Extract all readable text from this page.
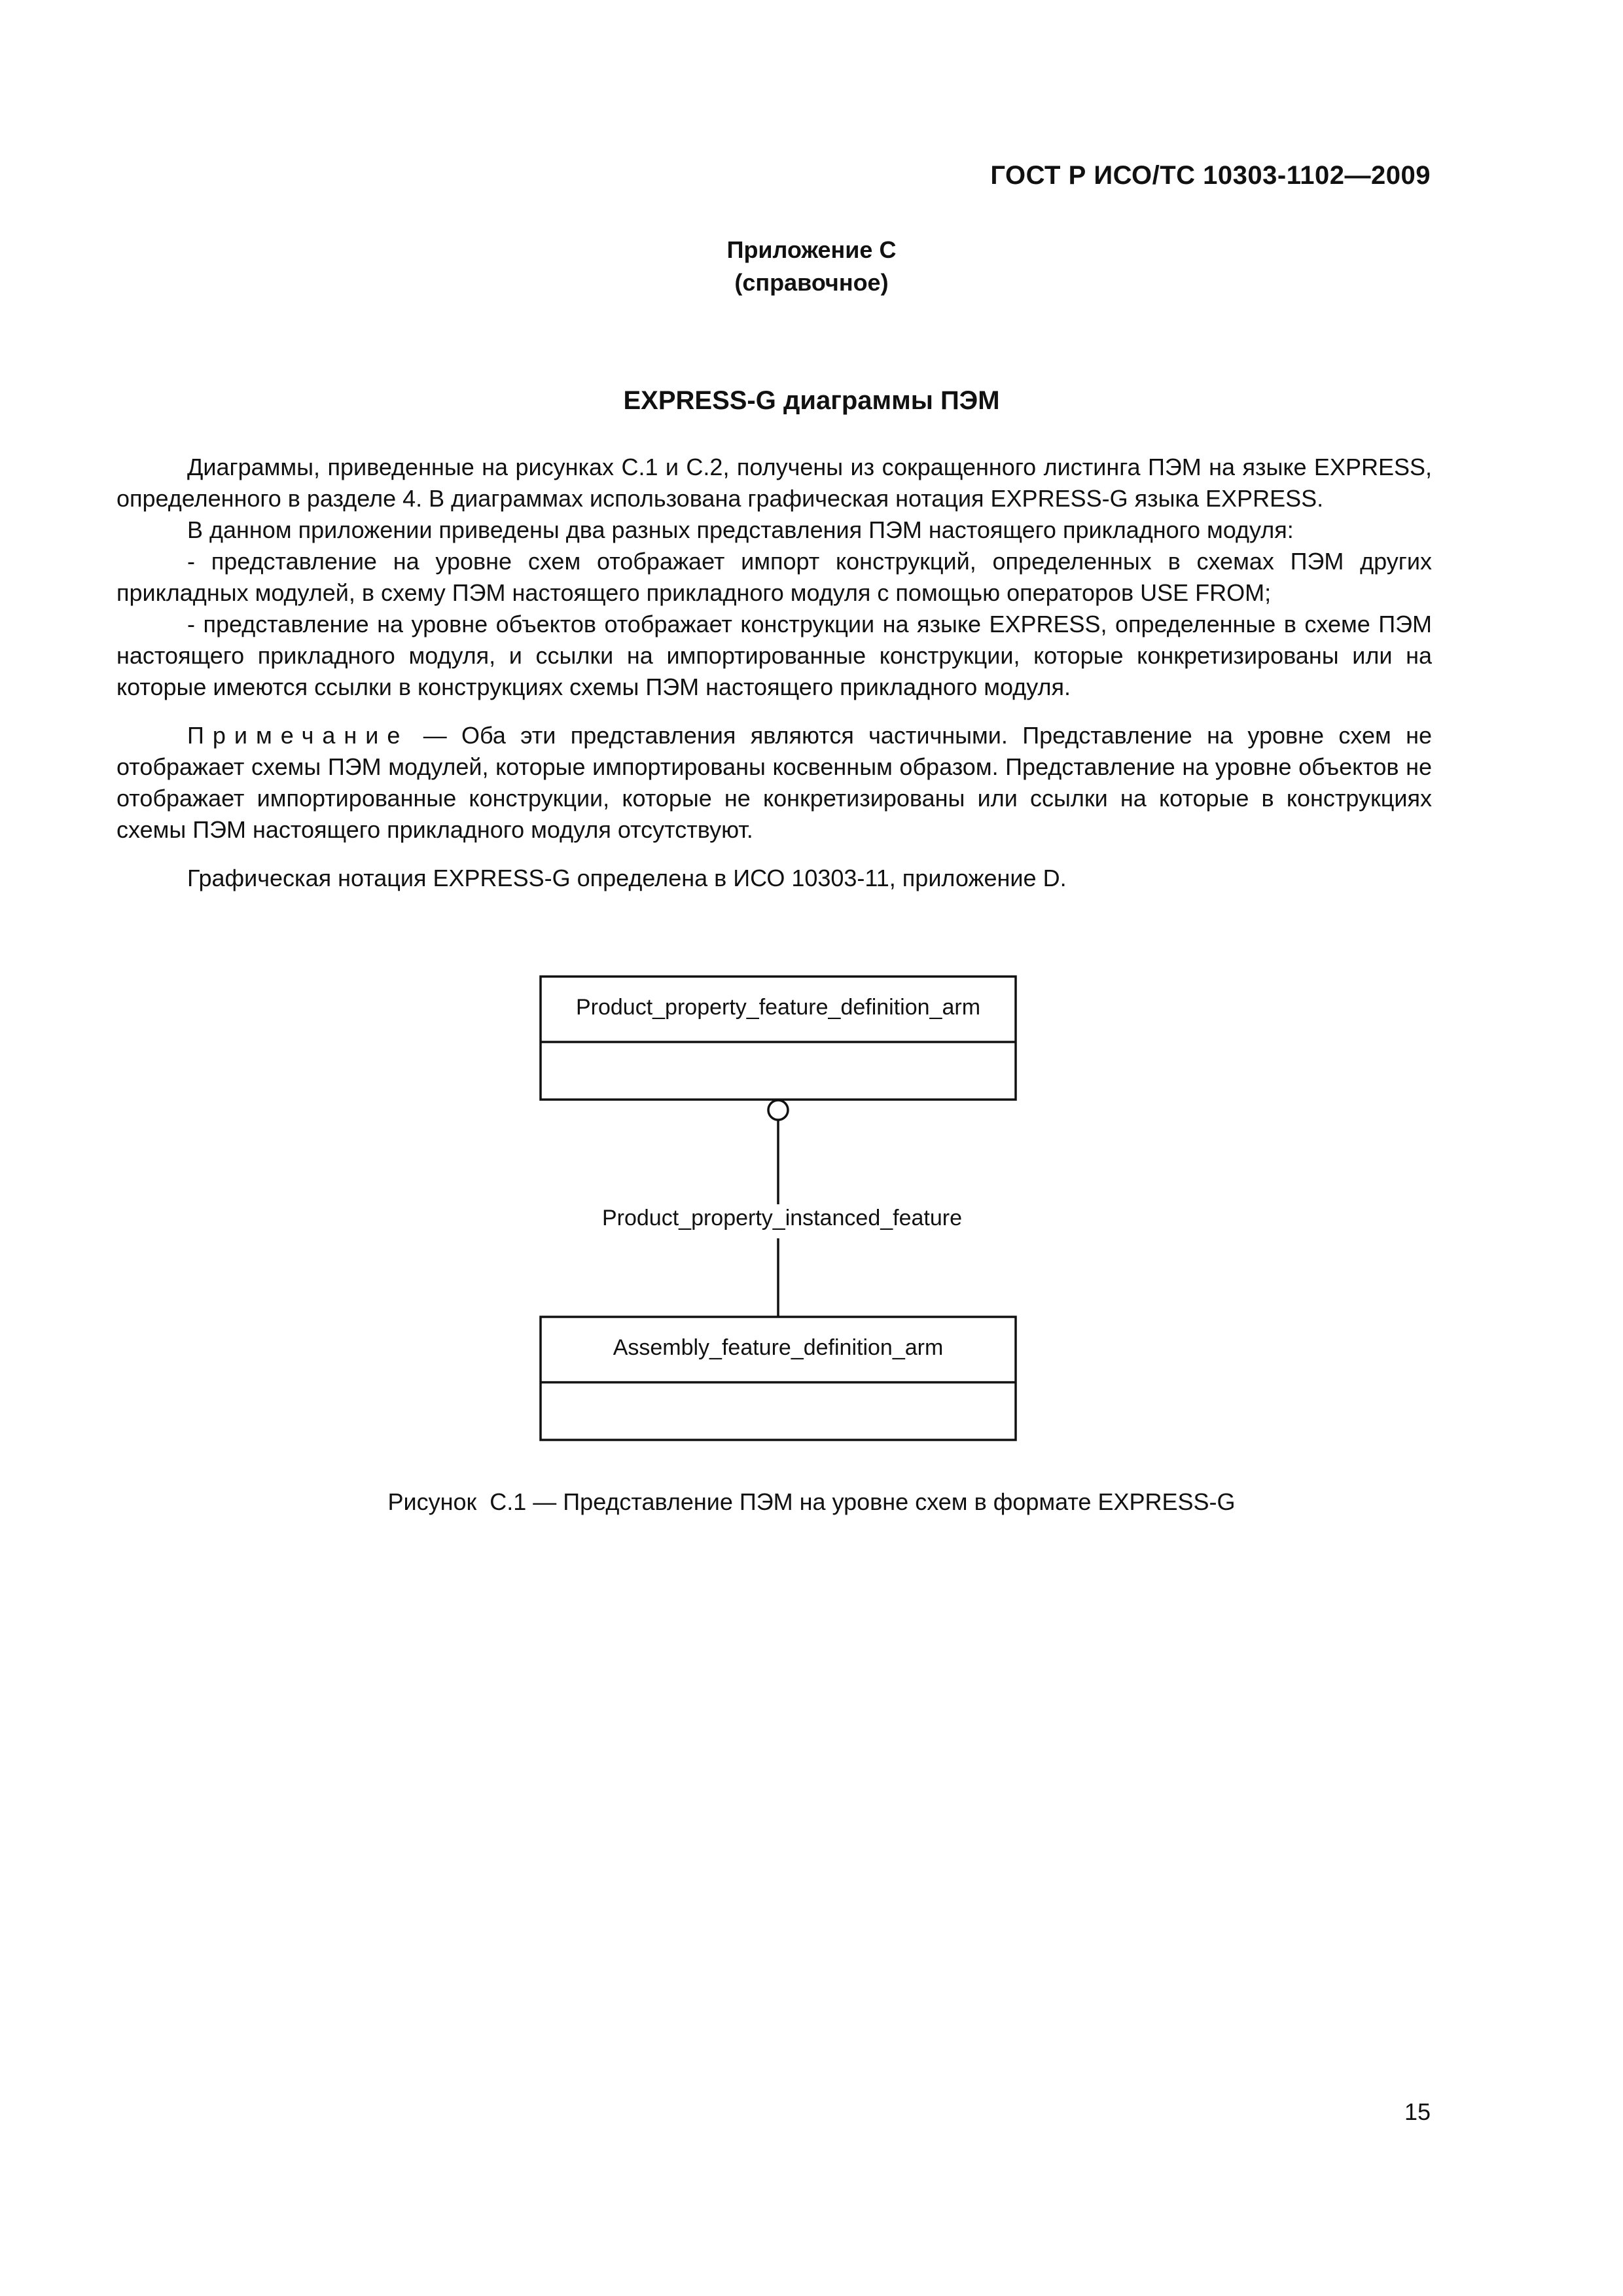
ГОСТ Р ИСО/ТС 10303-1102—2009
Приложение С
(справочное)
EXPRESS-G диаграммы ПЭМ

Диаграммы, приведенные на рисунках С.1 и С.2, получены из сокращенного листинга ПЭМ на языке EXPRESS, определенного в разделе 4. В диаграммах использована графическая нотация EXPRESS-G языка EXPRESS.

В данном приложении приведены два разных представления ПЭМ настоящего прикладного модуля:

- представление на уровне схем отображает импорт конструкций, определенных в схемах ПЭМ других прикладных модулей, в схему ПЭМ настоящего прикладного модуля с помощью операторов USE FROM;

- представление на уровне объектов отображает конструкции на языке EXPRESS, определенные в схеме ПЭМ настоящего прикладного модуля, и ссылки на импортированные конструкции, которые конкретизированы или на которые имеются ссылки в конструкциях схемы ПЭМ настоящего прикладного модуля.

Примечание — Оба эти представления являются частичными. Представление на уровне схем не отображает схемы ПЭМ модулей, которые импортированы косвенным образом. Представление на уровне объектов не отображает импортированные конструкции, которые не конкретизированы или ссылки на которые в конструкциях схемы ПЭМ настоящего прикладного модуля отсутствуют.

Графическая нотация EXPRESS-G определена в ИСО 10303-11, приложение D.

Product_property_feature_definition_arm
Product_property_instanced_feature
Assembly_feature_definition_arm
Рисунок  С.1 — Представление ПЭМ на уровне схем в формате EXPRESS-G
15
